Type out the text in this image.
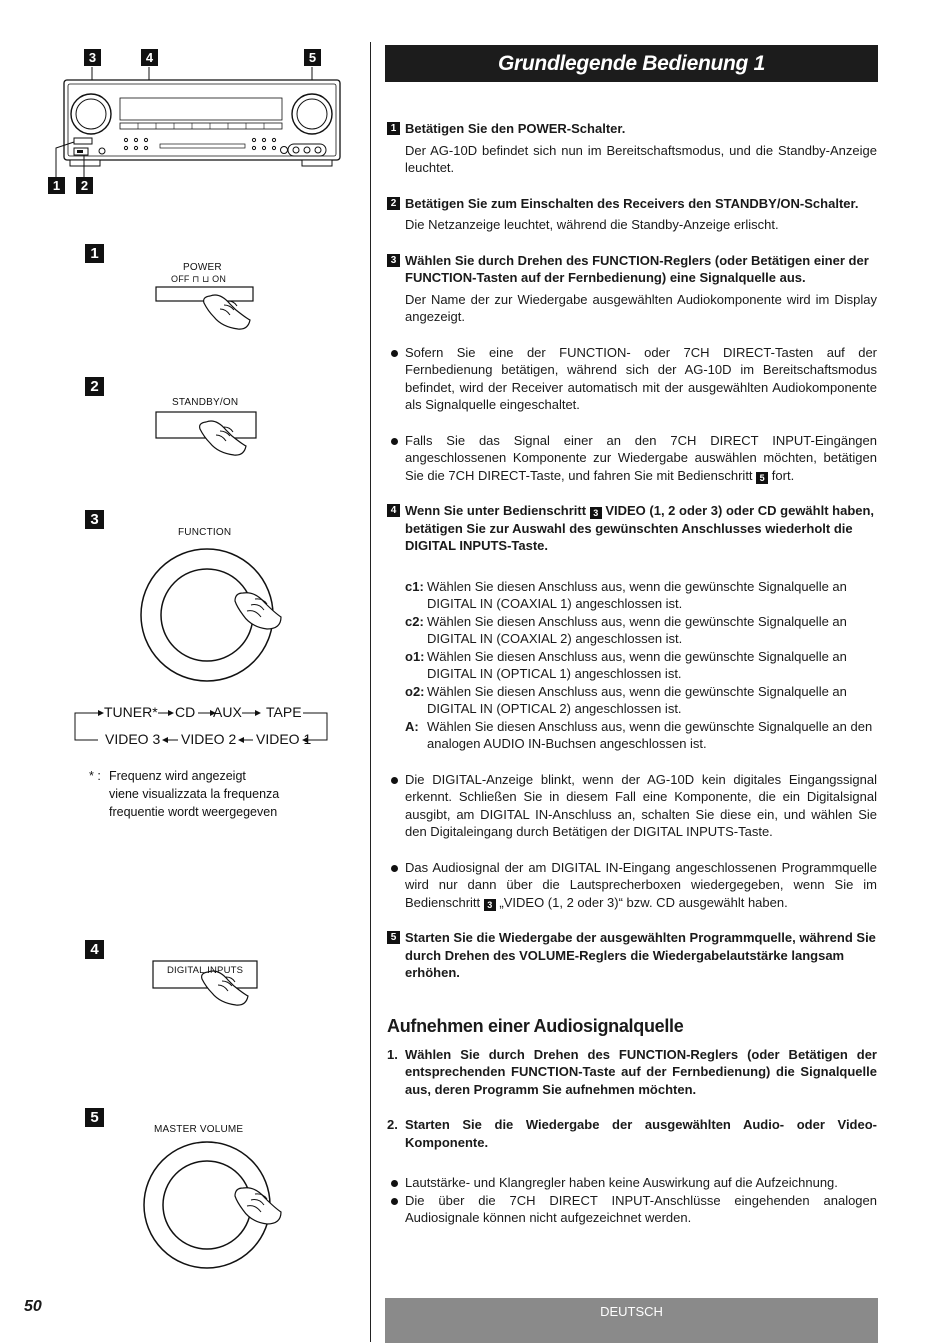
3	4	5
1	2
1
POWER
OFF ⊓ ⊔ ON
2
STANDBY/ON
3
FUNCTION
TUNER* CD AUX TAPE
VIDEO 3 VIDEO 2 VIDEO 1
* : Frequenz wird angezeigt
viene visualizzata la frequenza
frequentie wordt weergegeven
4
DIGITAL INPUTS
5
MASTER VOLUME
50
Grundlegende Bedienung 1
1 Betätigen Sie den POWER-Schalter.
Der AG-10D befindet sich nun im Bereitschaftsmodus, und die Standby-Anzeige leuchtet.
2 Betätigen Sie zum Einschalten des Receivers den STANDBY/ON-Schalter.
Die Netzanzeige leuchtet, während die Standby-Anzeige erlischt.
3 Wählen Sie durch Drehen des FUNCTION-Reglers (oder Betätigen einer der FUNCTION-Tasten auf der Fernbedienung) eine Signalquelle aus.
Der Name der zur Wiedergabe ausgewählten Audiokomponente wird im Display angezeigt.
Sofern Sie eine der FUNCTION- oder 7CH DIRECT-Tasten auf der Fernbedienung betätigen, während sich der AG-10D im Bereitschaftsmodus befindet, wird der Receiver automatisch mit der ausgewählten Audiokomponente als Signalquelle eingeschaltet.
Falls Sie das Signal einer an den 7CH DIRECT INPUT-Eingängen angeschlossenen Komponente zur Wiedergabe auswählen möchten, betätigen Sie die 7CH DIRECT-Taste, und fahren Sie mit Bedienschritt 5 fort.
4 Wenn Sie unter Bedienschritt 3 VIDEO (1, 2 oder 3) oder CD gewählt haben, betätigen Sie zur Auswahl des gewünschten Anschlusses wiederholt die DIGITAL INPUTS-Taste.
c1: Wählen Sie diesen Anschluss aus, wenn die gewünschte Signalquelle an DIGITAL IN (COAXIAL 1) angeschlossen ist.
c2: Wählen Sie diesen Anschluss aus, wenn die gewünschte Signalquelle an DIGITAL IN (COAXIAL 2) angeschlossen ist.
o1: Wählen Sie diesen Anschluss aus, wenn die gewünschte Signalquelle an DIGITAL IN (OPTICAL 1) angeschlossen ist.
o2: Wählen Sie diesen Anschluss aus, wenn die gewünschte Signalquelle an DIGITAL IN (OPTICAL 2) angeschlossen ist.
A: Wählen Sie diesen Anschluss aus, wenn die gewünschte Signalquelle an den analogen AUDIO IN-Buchsen angeschlossen ist.
Die DIGITAL-Anzeige blinkt, wenn der AG-10D kein digitales Eingangssignal erkennt. Schließen Sie in diesem Fall eine Komponente, die ein Digitalsignal ausgibt, am DIGITAL IN-Anschluss an, schalten Sie diese ein, und wählen Sie den Digitaleingang durch Betätigen der DIGITAL INPUTS-Taste.
Das Audiosignal der am DIGITAL IN-Eingang angeschlossenen Programmquelle wird nur dann über die Lautsprecherboxen wiedergegeben, wenn Sie im Bedienschritt 3 „VIDEO (1, 2 oder 3)“ bzw. CD ausgewählt haben.
5 Starten Sie die Wiedergabe der ausgewählten Programmquelle, während Sie durch Drehen des VOLUME-Reglers die Wiedergabelautstärke langsam erhöhen.
Aufnehmen einer Audiosignalquelle
1. Wählen Sie durch Drehen des FUNCTION-Reglers (oder Betätigen der entsprechenden FUNCTION-Taste auf der Fernbedienung) die Signalquelle aus, deren Programm Sie aufnehmen möchten.
2. Starten Sie die Wiedergabe der ausgewählten Audio- oder Video-Komponente.
Lautstärke- und Klangregler haben keine Auswirkung auf die Aufzeichnung.
Die über die 7CH DIRECT INPUT-Anschlüsse eingehenden analogen Audiosignale können nicht aufgezeichnet werden.
DEUTSCH
